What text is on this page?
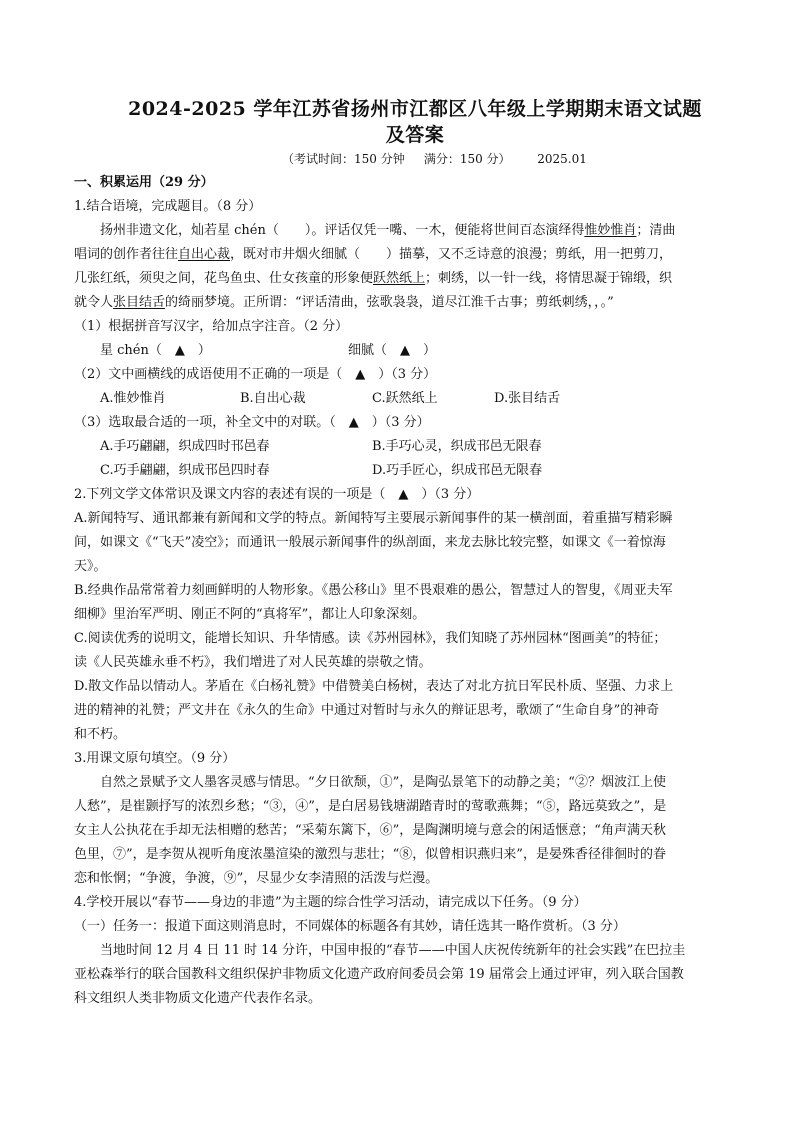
2024-2025 学年江苏省扬州市江都区八年级上学期期末语文试题
及答案
（考试时间：150 分钟 满分：150 分） 2025.01
一、积累运用（29 分）
1.结合语境，完成题目。（8 分）
扬州非遗文化，灿若星 chén（　　）。评话仅凭一嘴、一木，便能将世间百态演绎得惟妙惟肖；清曲
唱词的创作者往往自出心裁，既对市井烟火细腻（　　）描摹，又不乏诗意的浪漫；剪纸，用一把剪刀，
几张红纸，须臾之间，花鸟鱼虫、仕女孩童的形象便跃然纸上；刺绣，以一针一线，将情思凝于锦缎，织
就令人张目结舌的绮丽梦境。正所谓：“评话清曲，弦歌袅袅，道尽江淮千古事；剪纸刺绣，，。”
（1）根据拼音写汉字，给加点字注音。（2 分）
星 chén（　▲　）	细腻（　▲　）
（2）文中画横线的成语使用不正确的一项是（　▲　）（3 分）
A.惟妙惟肖	B.自出心裁	C.跃然纸上	D.张目结舌
（3）选取最合适的一项，补全文中的对联。（　▲　）（3 分）
A.手巧翩翩，织成四时邗邑春	B.手巧心灵，织成邗邑无限春
C.巧手翩翩，织成邗邑四时春	D.巧手匠心，织成邗邑无限春
2.下列文学文体常识及课文内容的表述有误的一项是（　▲　）（3 分）
A.新闻特写、通讯都兼有新闻和文学的特点。新闻特写主要展示新闻事件的某一横剖面，着重描写精彩瞬
间，如课文《“飞天”凌空》；而通讯一般展示新闻事件的纵剖面，来龙去脉比较完整，如课文《一着惊海
天》。
B.经典作品常常着力刻画鲜明的人物形象。《愚公移山》里不畏艰难的愚公，智慧过人的智叟，《周亚夫军
细柳》里治军严明、刚正不阿的“真将军”，都让人印象深刻。
C.阅读优秀的说明文，能增长知识、升华情感。读《苏州园林》，我们知晓了苏州园林“图画美”的特征；
读《人民英雄永垂不朽》，我们增进了对人民英雄的崇敬之情。
D.散文作品以情动人。茅盾在《白杨礼赞》中借赞美白杨树，表达了对北方抗日军民朴质、坚强、力求上
进的精神的礼赞；严文井在《永久的生命》中通过对暂时与永久的辩证思考，歌颂了“生命自身”的神奇
和不朽。
3.用课文原句填空。（9 分）
自然之景赋予文人墨客灵感与情思。“夕日欲颓，①”，是陶弘景笔下的动静之美；“②？烟波江上使
人愁”，是崔颢抒写的浓烈乡愁；“③，④”，是白居易钱塘湖踏青时的莺歌燕舞；“⑤，路远莫致之”，是
女主人公执花在手却无法相赠的愁苦；“采菊东篱下，⑥”，是陶渊明境与意会的闲适惬意；“角声满天秋
色里，⑦”，是李贺从视听角度浓墨渲染的激烈与悲壮；“⑧，似曾相识燕归来”，是晏殊香径徘徊时的眷
恋和怅惘；“争渡，争渡，⑨”，尽显少女李清照的活泼与烂漫。
4.学校开展以“春节——身边的非遗”为主题的综合性学习活动，请完成以下任务。（9 分）
（一）任务一：报道下面这则消息时，不同媒体的标题各有其妙，请任选其一略作赏析。（3 分）
当地时间 12 月 4 日 11 时 14 分许，中国申报的“春节——中国人庆祝传统新年的社会实践”在巴拉圭
亚松森举行的联合国教科文组织保护非物质文化遗产政府间委员会第 19 届常会上通过评审，列入联合国教
科文组织人类非物质文化遗产代表作名录。
